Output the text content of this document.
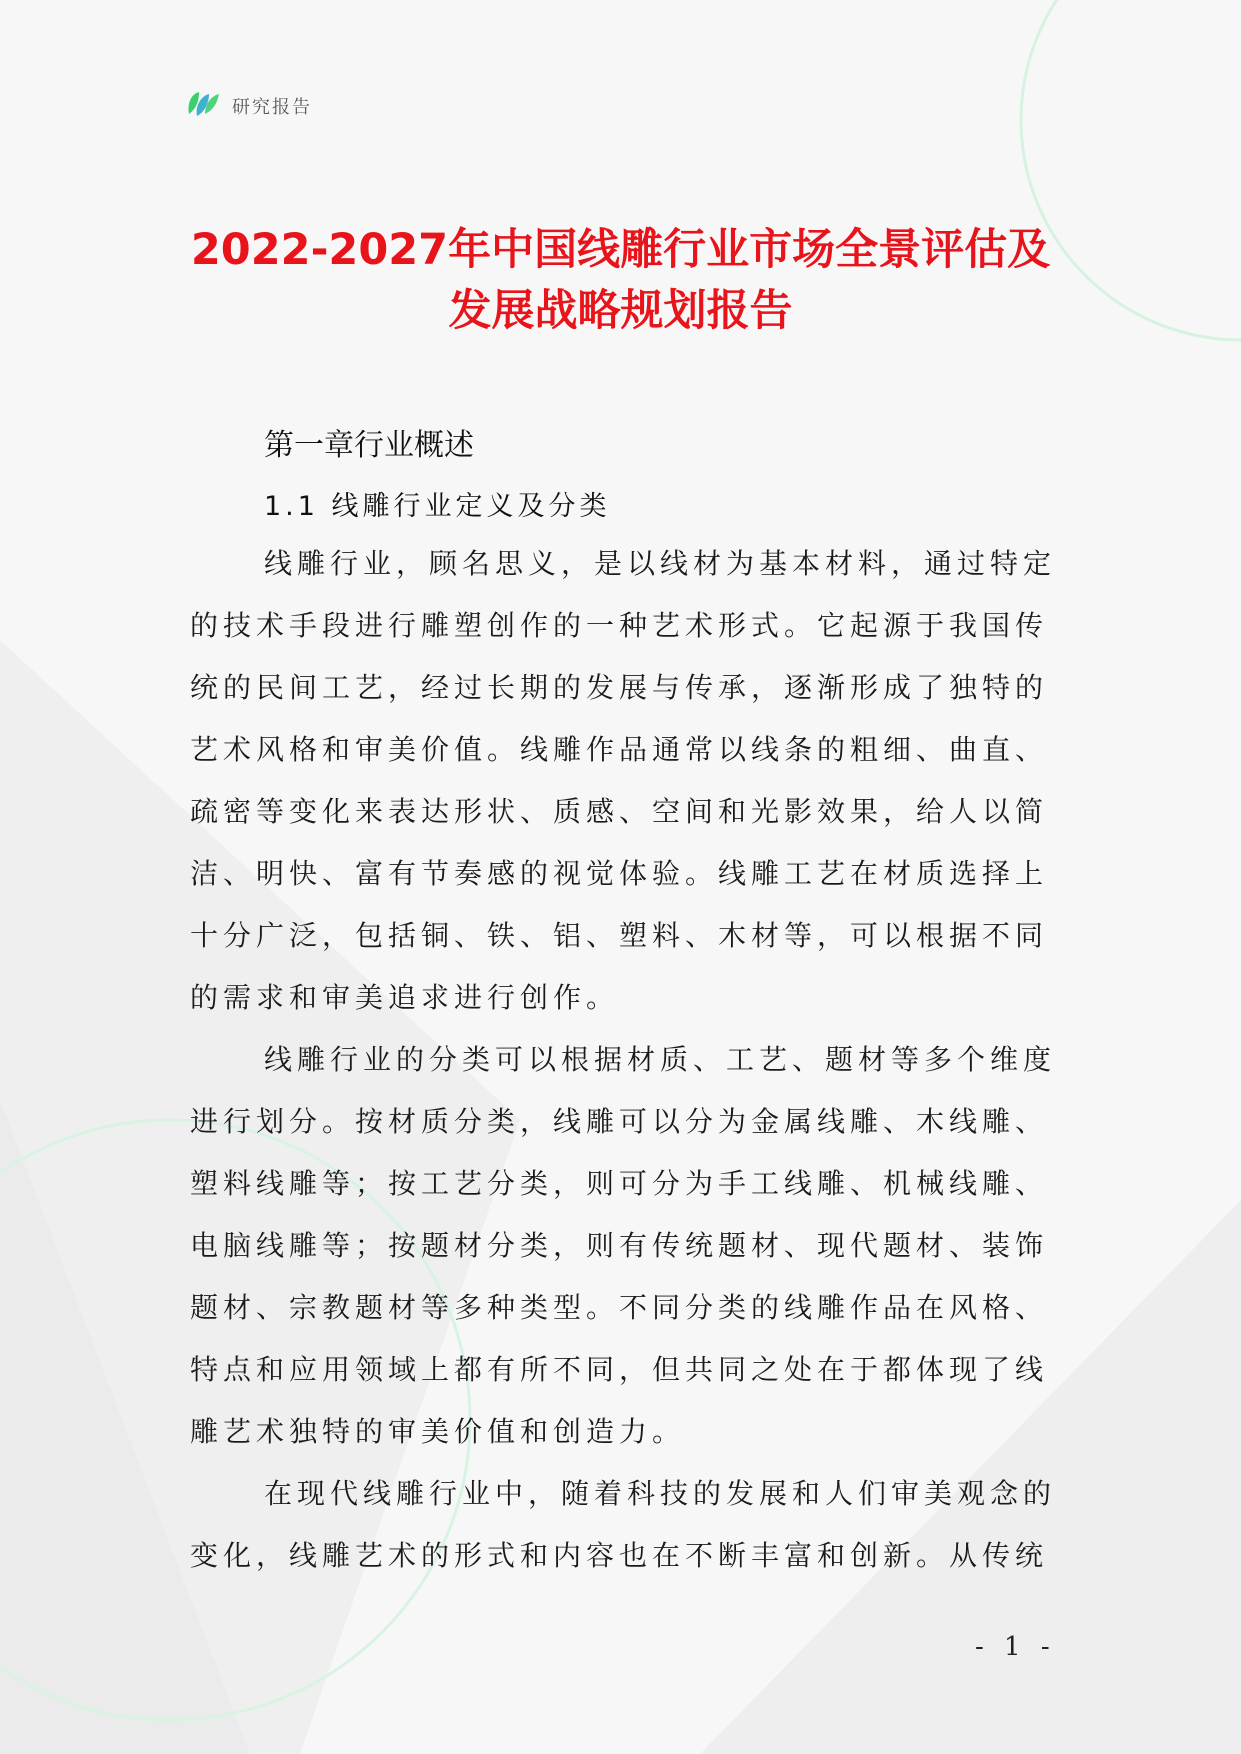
研究报告
2022-2027年中国线雕行业市场全景评估及
发展战略规划报告
第一章行业概述
1.1 线雕行业定义及分类
线雕行业，顾名思义，是以线材为基本材料，通过特定
的技术手段进行雕塑创作的一种艺术形式。它起源于我国传
统的民间工艺，经过长期的发展与传承，逐渐形成了独特的
艺术风格和审美价值。线雕作品通常以线条的粗细、曲直、
疏密等变化来表达形状、质感、空间和光影效果，给人以简
洁、明快、富有节奏感的视觉体验。线雕工艺在材质选择上
十分广泛，包括铜、铁、铝、塑料、木材等，可以根据不同
的需求和审美追求进行创作。
线雕行业的分类可以根据材质、工艺、题材等多个维度
进行划分。按材质分类，线雕可以分为金属线雕、木线雕、
塑料线雕等；按工艺分类，则可分为手工线雕、机械线雕、
电脑线雕等；按题材分类，则有传统题材、现代题材、装饰
题材、宗教题材等多种类型。不同分类的线雕作品在风格、
特点和应用领域上都有所不同，但共同之处在于都体现了线
雕艺术独特的审美价值和创造力。
在现代线雕行业中，随着科技的发展和人们审美观念的
变化，线雕艺术的形式和内容也在不断丰富和创新。从传统
- 1 -
